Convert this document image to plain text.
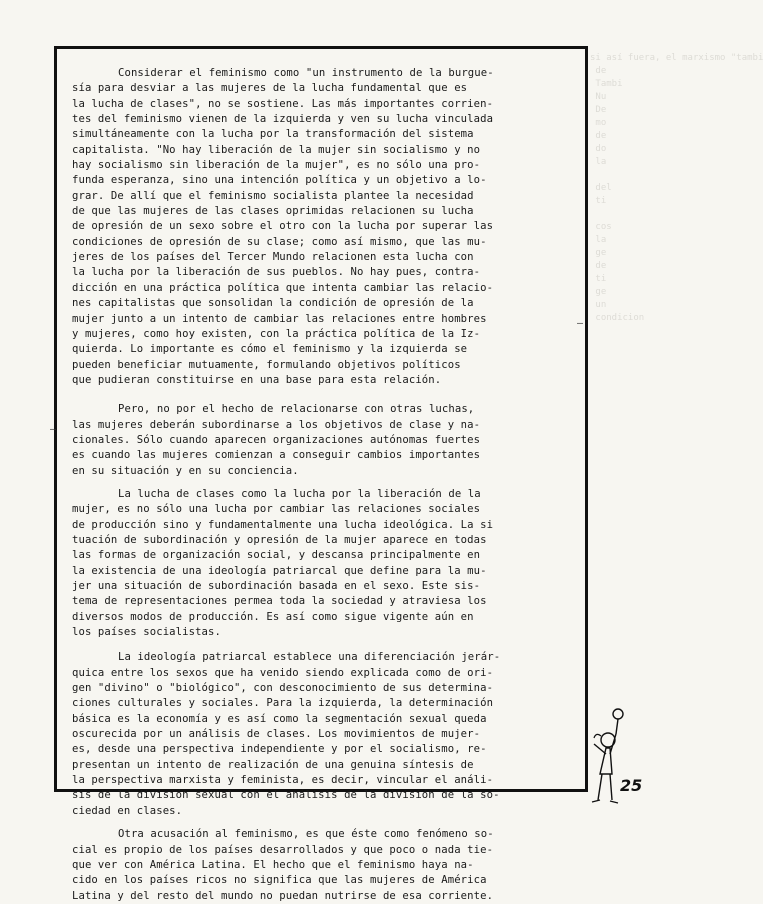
si así fuera, el marxismo "tambi
de
Tambi
Nu
De
mo
de
do
la

del
ti

cos
la
ge
de
ti
ge
un
condicion

Considerar el feminismo como "un instrumento de la burgue-
sía para desviar a las mujeres de la lucha fundamental que es
la lucha de clases", no se sostiene. Las más importantes corrien-
tes del feminismo vienen de la izquierda y ven su lucha vinculada
simultáneamente con la lucha por la transformación del sistema
capitalista. "No hay liberación de la mujer sin socialismo y no
hay socialismo sin liberación de la mujer", es no sólo una pro-
funda esperanza, sino una intención política y un objetivo a lo-
grar. De allí que el feminismo socialista plantee la necesidad
de que las mujeres de las clases oprimidas relacionen su lucha
de opresión de un sexo sobre el otro con la lucha por superar las
condiciones de opresión de su clase; como así mismo, que las mu-
jeres de los países del Tercer Mundo relacionen esta lucha con
la lucha por la liberación de sus pueblos. No hay pues, contra-
dicción en una práctica política que intenta cambiar las relacio-
nes capitalistas que sonsolidan la condición de opresión de la
mujer junto a un intento de cambiar las relaciones entre hombres
y mujeres, como hoy existen, con la práctica política de la Iz-
quierda. Lo importante es cómo el feminismo y la izquierda se
pueden beneficiar mutuamente, formulando objetivos políticos
que pudieran constituirse en una base para esta relación.

Pero, no por el hecho de relacionarse con otras luchas,
las mujeres deberán subordinarse a los objetivos de clase y na-
cionales. Sólo cuando aparecen organizaciones autónomas fuertes
es cuando las mujeres comienzan a conseguir cambios importantes
en su situación y en su conciencia.

La lucha de clases como la lucha por la liberación de la
mujer, es no sólo una lucha por cambiar las relaciones sociales
de producción sino y fundamentalmente una lucha ideológica. La si
tuación de subordinación y opresión de la mujer aparece en todas
las formas de organización social, y descansa principalmente en
la existencia de una ideología patriarcal que define para la mu-
jer una situación de subordinación basada en el sexo. Este sis-
tema de representaciones permea toda la sociedad y atraviesa los
diversos modos de producción. Es así como sigue vigente aún en
los países socialistas.

La ideología patriarcal establece una diferenciación jerár-
quica entre los sexos que ha venido siendo explicada como de ori-
gen "divino" o "biológico", con desconocimiento de sus determina-
ciones culturales y sociales. Para la izquierda, la determinación
básica es la economía y es así como la segmentación sexual queda
oscurecida por un análisis de clases. Los movimientos de mujer-
es, desde una perspectiva independiente y por el socialismo, re-
presentan un intento de realización de una genuina síntesis de
la perspectiva marxista y feminista, es decir, vincular el análi-
sis de la división sexual con el análisis de la división de la so-
ciedad en clases.

Otra acusación al feminismo, es que éste como fenómeno so-
cial es propio de los países desarrollados y que poco o nada tie-
que ver con América Latina. El hecho que el feminismo haya na-
cido en los países ricos no significa que las mujeres de América
Latina y del resto del mundo no puedan nutrirse de esa corriente.

—
—
25
